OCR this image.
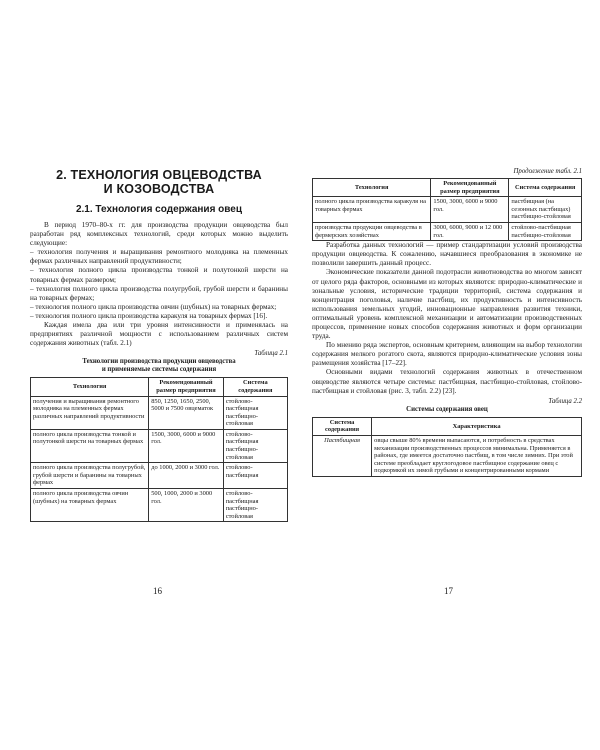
2. ТЕХНОЛОГИЯ ОВЦЕВОДСТВА
И КОЗОВОДСТВА
2.1. Технология содержания овец

В период 1970–80-х гг. для производства продукции овцеводства был разработан ряд комплексных технологий, среди которых можно выделить следующие:

– технология получения и выращивания ремонтного молодняка на племенных фермах различных направлений продуктивности;
– технология полного цикла производства тонкой и полутонкой шерсти на товарных фермах размером;
– технология полного цикла производства полугрубой, грубой шерсти и баранины на товарных фермах;
– технология полного цикла производства овчин (шубных) на товарных фермах;
– технология полного цикла производства каракуля на товарных фермах [16].

Каждая имела два или три уровня интенсивности и применялась на предприятиях различной мощности с использованием различных систем содержания животных (табл. 2.1)

Таблица 2.1
Технологии производства продукции овцеводства
и применяемые системы содержания
Технология	Рекомендованный размер предприятия	Система содержания
получения и выращивания ремонтного молодняка на племенных фермах различных направлений продуктивности	850, 1250, 1650, 2500, 5000 и 7500 овцематок	стойлово-пастбищная пастбищно-стойловая
полного цикла производства тонкой и полутонкой шерсти на товарных фермах	1500, 3000, 6000 и 9000 гол.	стойлово-пастбищная пастбищно-стойловая
полного цикла производства полугрубой, грубой шерсти и баранины на товарных фермах	до 1000, 2000 и 3000 гол.	стойлово-пастбищная
полного цикла производства овчин (шубных) на товарных фермах	500, 1000, 2000 и 3000 гол.	стойлово-пастбищная пастбищно-стойловая
16
Продолжение табл. 2.1
Технология	Рекомендованный размер предприятия	Система содержания
полного цикла производства каракуля на товарных фермах	1500, 3000, 6000 и 9000 гол.	пастбищная (на сезонных пастбищах) пастбищно-стойловая
производства продукции овцеводства в фермерских хозяйствах	3000, 6000, 9000 и 12 000 гол.	стойлово-пастбищная пастбищно-стойловая

Разработка данных технологий — пример стандартизации условий производства продукции овцеводства. К сожалению, начавшиеся преобразования в экономике не позволили завершить данный процесс.

Экономические показатели данной подотрасли животноводства во многом зависят от целого ряда факторов, основными из которых являются: природно-климатические и зональные условия, исторические традиции территорий, система содержания и концентрация поголовья, наличие пастбищ, их продуктивность и интенсивность использования земельных угодий, инновационные направления развития техники, оптимальный уровень комплексной механизации и автоматизации производственных процессов, применение новых способов содержания животных и форм организации труда.

По мнению ряда экспертов, основным критерием, влияющим на выбор технологии содержания мелкого рогатого скота, являются природно-климатические условия зоны размещения хозяйства [17–22].

Основными видами технологий содержания животных в отечественном овцеводстве являются четыре системы: пастбищная, пастбищно-стойловая, стойлово-пастбищная и стойловая (рис. 3, табл. 2.2) [23].

Таблица 2.2
Системы содержания овец
Система содержания	Характеристика
Пастбищная	овцы свыше 80% времени выпасаются, и потребность в средствах механизации производственных процессов минимальна. Применяется в районах, где имеется достаточно пастбищ, в том числе зимних. При этой системе преобладает круглогодовое пастбищное содержание овец с подкормкой их зимой грубыми и концентрированными кормами
17
